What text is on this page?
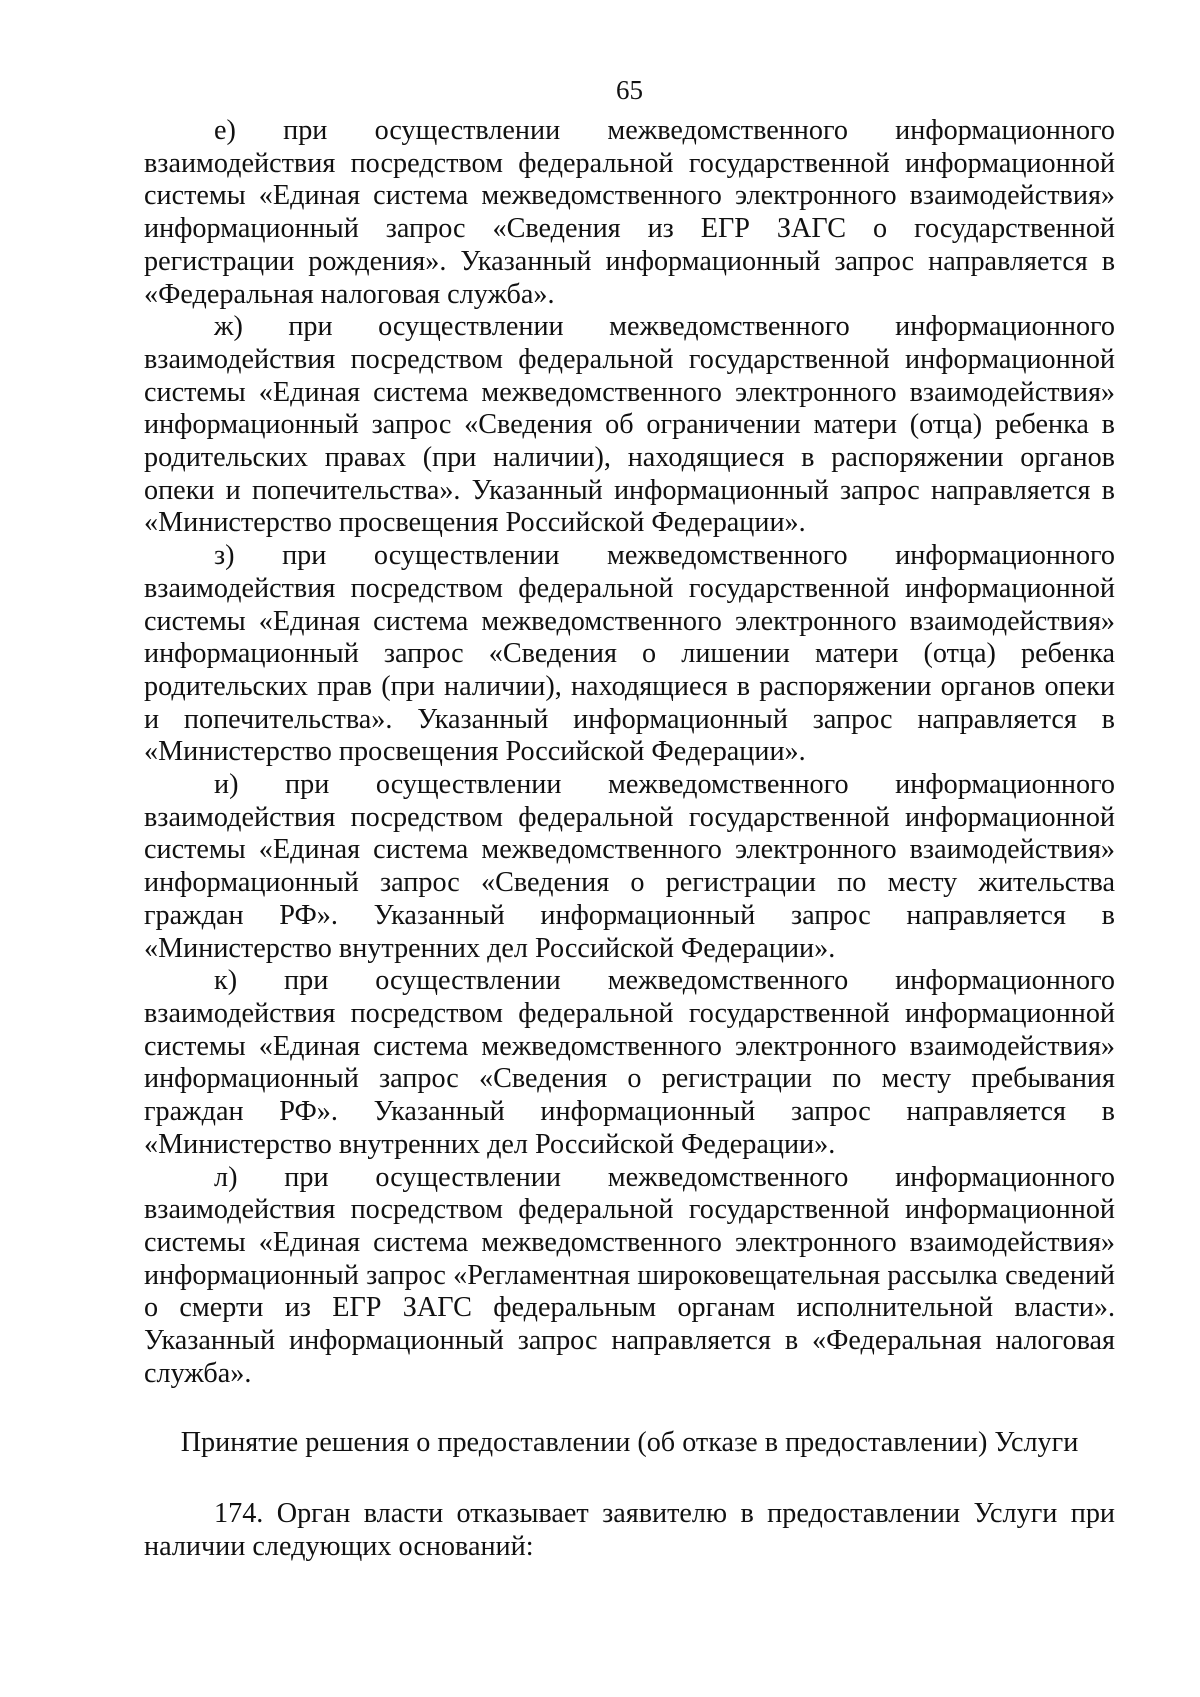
65

е) при осуществлении межведомственного информационного взаимодействия посредством федеральной государственной информационной системы «Единая система межведомственного электронного взаимодействия» информационный запрос «Сведения из ЕГР ЗАГС о государственной регистрации рождения». Указанный информационный запрос направляется в «Федеральная налоговая служба».

ж) при осуществлении межведомственного информационного взаимодействия посредством федеральной государственной информационной системы «Единая система межведомственного электронного взаимодействия» информационный запрос «Сведения об ограничении матери (отца) ребенка в родительских правах (при наличии), находящиеся в распоряжении органов опеки и попечительства». Указанный информационный запрос направляется в «Министерство просвещения Российской Федерации».

з) при осуществлении межведомственного информационного взаимодействия посредством федеральной государственной информационной системы «Единая система межведомственного электронного взаимодействия» информационный запрос «Сведения о лишении матери (отца) ребенка родительских прав (при наличии), находящиеся в распоряжении органов опеки и попечительства». Указанный информационный запрос направляется в «Министерство просвещения Российской Федерации».

и) при осуществлении межведомственного информационного взаимодействия посредством федеральной государственной информационной системы «Единая система межведомственного электронного взаимодействия» информационный запрос «Сведения о регистрации по месту жительства граждан РФ». Указанный информационный запрос направляется в «Министерство внутренних дел Российской Федерации».

к) при осуществлении межведомственного информационного взаимодействия посредством федеральной государственной информационной системы «Единая система межведомственного электронного взаимодействия» информационный запрос «Сведения о регистрации по месту пребывания граждан РФ». Указанный информационный запрос направляется в «Министерство внутренних дел Российской Федерации».

л) при осуществлении межведомственного информационного взаимодействия посредством федеральной государственной информационной системы «Единая система межведомственного электронного взаимодействия» информационный запрос «Регламентная широковещательная рассылка сведений о смерти из ЕГР ЗАГС федеральным органам исполнительной власти». Указанный информационный запрос направляется в «Федеральная налоговая служба».

Принятие решения о предоставлении (об отказе в предоставлении) Услуги

174. Орган власти отказывает заявителю в предоставлении Услуги при наличии следующих оснований:
